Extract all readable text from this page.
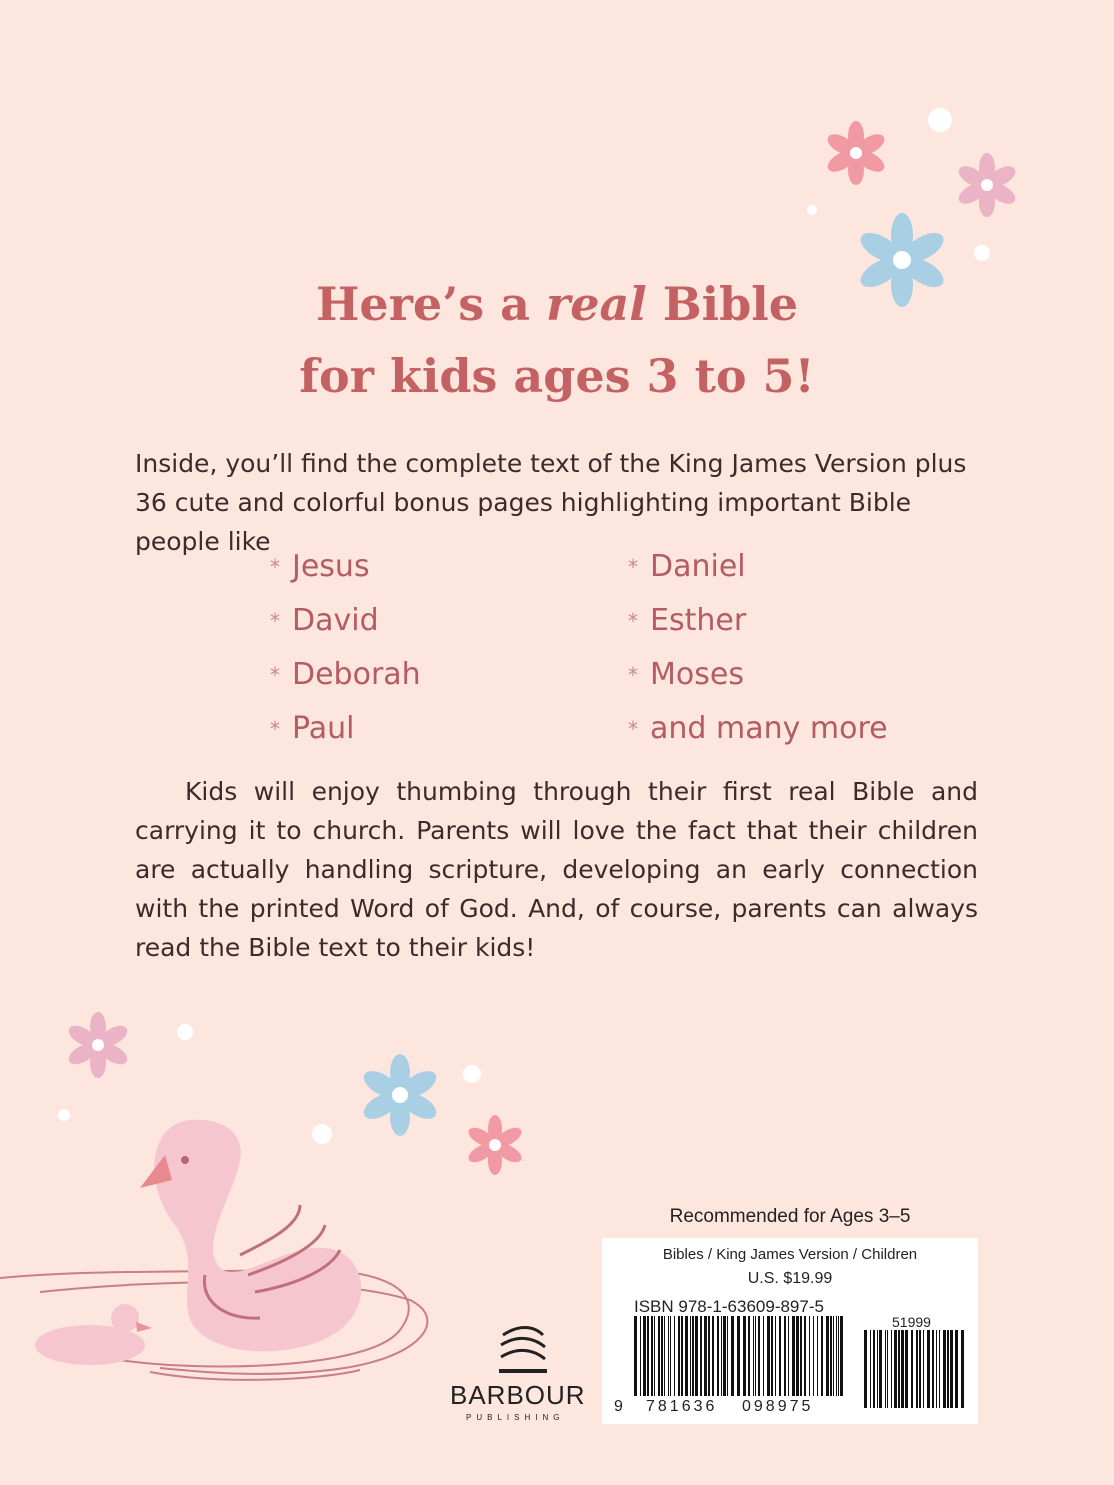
Here’s a real Bible
for kids ages 3 to 5!
Inside, you’ll find the complete text of the King James Version plus 36 cute and colorful bonus pages highlighting important Bible people like
* Jesus
* David
* Deborah
* Paul
* Daniel
* Esther
* Moses
* and many more
Kids will enjoy thumbing through their first real Bible and carrying it to church. Parents will love the fact that their children are actually handling scripture, developing an early connection with the printed Word of God. And, of course, parents can always read the Bible text to their kids!
BARBOUR
PUBLISHING
Recommended for Ages 3–5
Bibles / King James Version / Children
U.S. $19.99
ISBN 978-1-63609-897-5
51999
9 781636 098975
